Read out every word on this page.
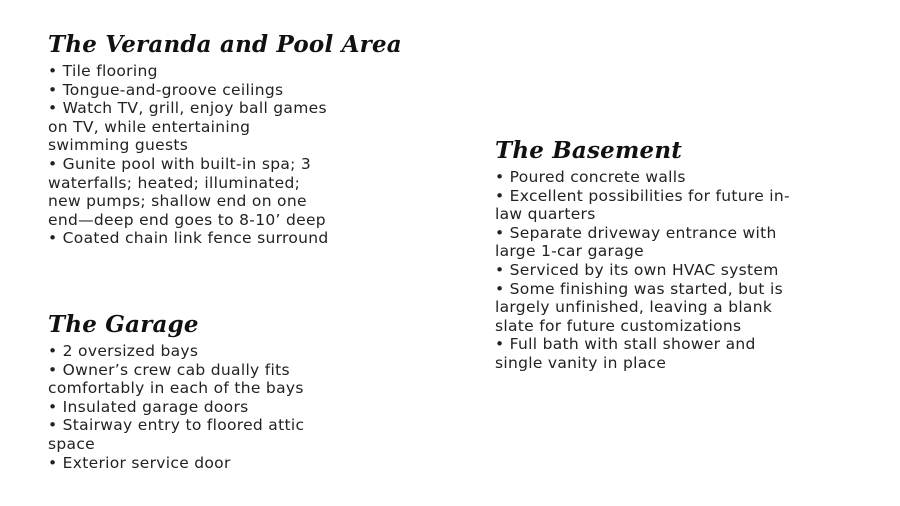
The Veranda and Pool Area
• Tile flooring
• Tongue-and-groove ceilings
• Watch TV, grill, enjoy ball games
on TV, while entertaining
swimming guests
• Gunite pool with built-in spa; 3
waterfalls; heated; illuminated;
new pumps; shallow end on one
end—deep end goes to 8-10’ deep
• Coated chain link fence surround
The Garage
• 2 oversized bays
• Owner’s crew cab dually fits
comfortably in each of the bays
• Insulated garage doors
• Stairway entry to floored attic
space
• Exterior service door
The Basement
• Poured concrete walls
• Excellent possibilities for future in-
law quarters
• Separate driveway entrance with
large 1-car garage
• Serviced by its own HVAC system
• Some finishing was started, but is
largely unfinished, leaving a blank
slate for future customizations
• Full bath with stall shower and
single vanity in place
